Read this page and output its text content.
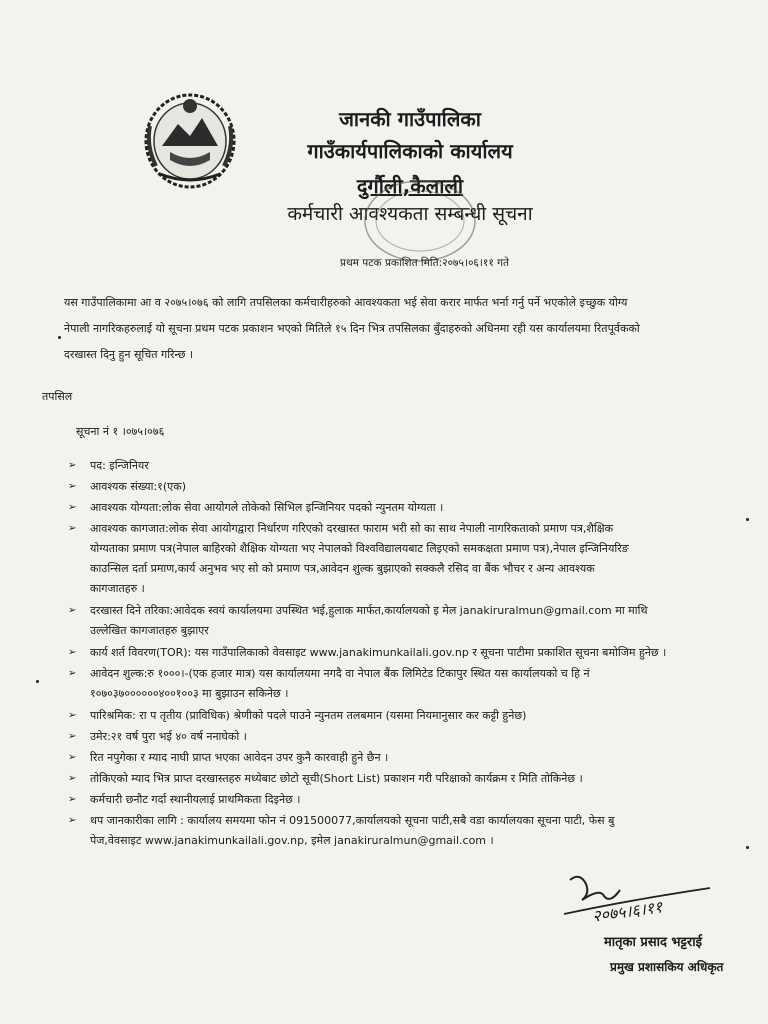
जानकी गाउँपालिका
गाउँकार्यपालिकाको कार्यालय
दुर्गौली,कैलाली
कर्मचारी आवश्यकता सम्बन्धी सूचना
प्रथम पटक प्रकाशित मिति:२०७५।०६।११ गते

यस गाउँपालिकामा आ व २०७५।०७६ को लागि तपसिलका कर्मचारीहरुको आवश्यकता भई सेवा करार मार्फत भर्ना गर्नु पर्ने भएकोले इच्छुक योग्य

नेपाली नागरिकहरुलाई यो सूचना प्रथम पटक प्रकाशन भएको मितिले १५ दिन भित्र तपसिलका बुँदाहरुको अधिनमा रही यस कार्यालयमा रितपूर्वकको

दरखास्त दिनु हुन सूचित गरिन्छ ।

तपसिल
सूचना नं १ ।०७५।०७६
➢ पद: इन्जिनियर
➢ आवश्यक संख्या:१(एक)
➢ आवश्यक योग्यता:लोक सेवा आयोगले तोकेको सिभिल इन्जिनियर पदको न्युनतम योग्यता ।
➢ आवश्यक कागजात:लोक सेवा आयोगद्वारा निर्धारण गरिएको दरखास्त फाराम भरी सो का साथ नेपाली नागरिकताको प्रमाण पत्र,शैक्षिक
योग्यताका प्रमाण पत्र(नेपाल बाहिरको शैक्षिक योग्यता भए नेपालको विश्वविद्यालयबाट लिइएको समकक्षता प्रमाण पत्र),नेपाल इन्जिनियरिङ
काउन्सिल दर्ता प्रमाण,कार्य अनुभव भए सो को प्रमाण पत्र,आवेदन शुल्क बुझाएको सक्कलै रसिद वा बैंक भौचर र अन्य आवश्यक
कागजातहरु ।
➢ दरखास्त दिने तरिका:आवेदक स्वयं कार्यालयमा उपस्थित भई,हुलाक मार्फत,कार्यालयको इ मेल janakiruralmun@gmail.com मा माथि
उल्लेखित कागजातहरु बुझाएर
➢ कार्य शर्त विवरण(TOR): यस गाउँपालिकाको वेवसाइट www.janakimunkailali.gov.np र सूचना पाटीमा प्रकाशित सूचना बमोजिम हुनेछ ।
➢ आवेदन शुल्क:रु १०००।-(एक हजार मात्र) यस कार्यालयमा नगदै वा नेपाल बैंक लिमिटेड टिकापुर स्थित यस कार्यालयको च हि नं
१०७०३७००००००४००१००३ मा बुझाउन सकिनेछ ।
➢ पारिश्रमिक: रा प तृतीय (प्राविधिक) श्रेणीको पदले पाउने न्युनतम तलबमान (यसमा नियमानुसार कर कट्टी हुनेछ)
➢ उमेर:२१ वर्ष पुरा भई ४० वर्ष ननाघेको ।
➢ रित नपुगेका र म्याद नाघी प्राप्त भएका आवेदन उपर कुनै कारवाही हुने छैन ।
➢ तोकिएको म्याद भित्र प्राप्त दरखास्तहरु मध्येबाट छोटो सूची(Short List) प्रकाशन गरी परिक्षाको कार्यक्रम र मिति तोकिनेछ ।
➢ कर्मचारी छनौट गर्दा स्थानीयलाई प्राथमिकता दिइनेछ ।
➢ थप जानकारीका लागि : कार्यालय समयमा फोन नं 091500077,कार्यालयको सूचना पाटी,सबै वडा कार्यालयका सूचना पाटी, फेस बु
पेज,वेवसाइट www.janakimunkailali.gov.np, इमेल janakiruralmun@gmail.com ।
२०७५।६।११
मातृका प्रसाद भट्टराई
प्रमुख प्रशासकिय अधिकृत
